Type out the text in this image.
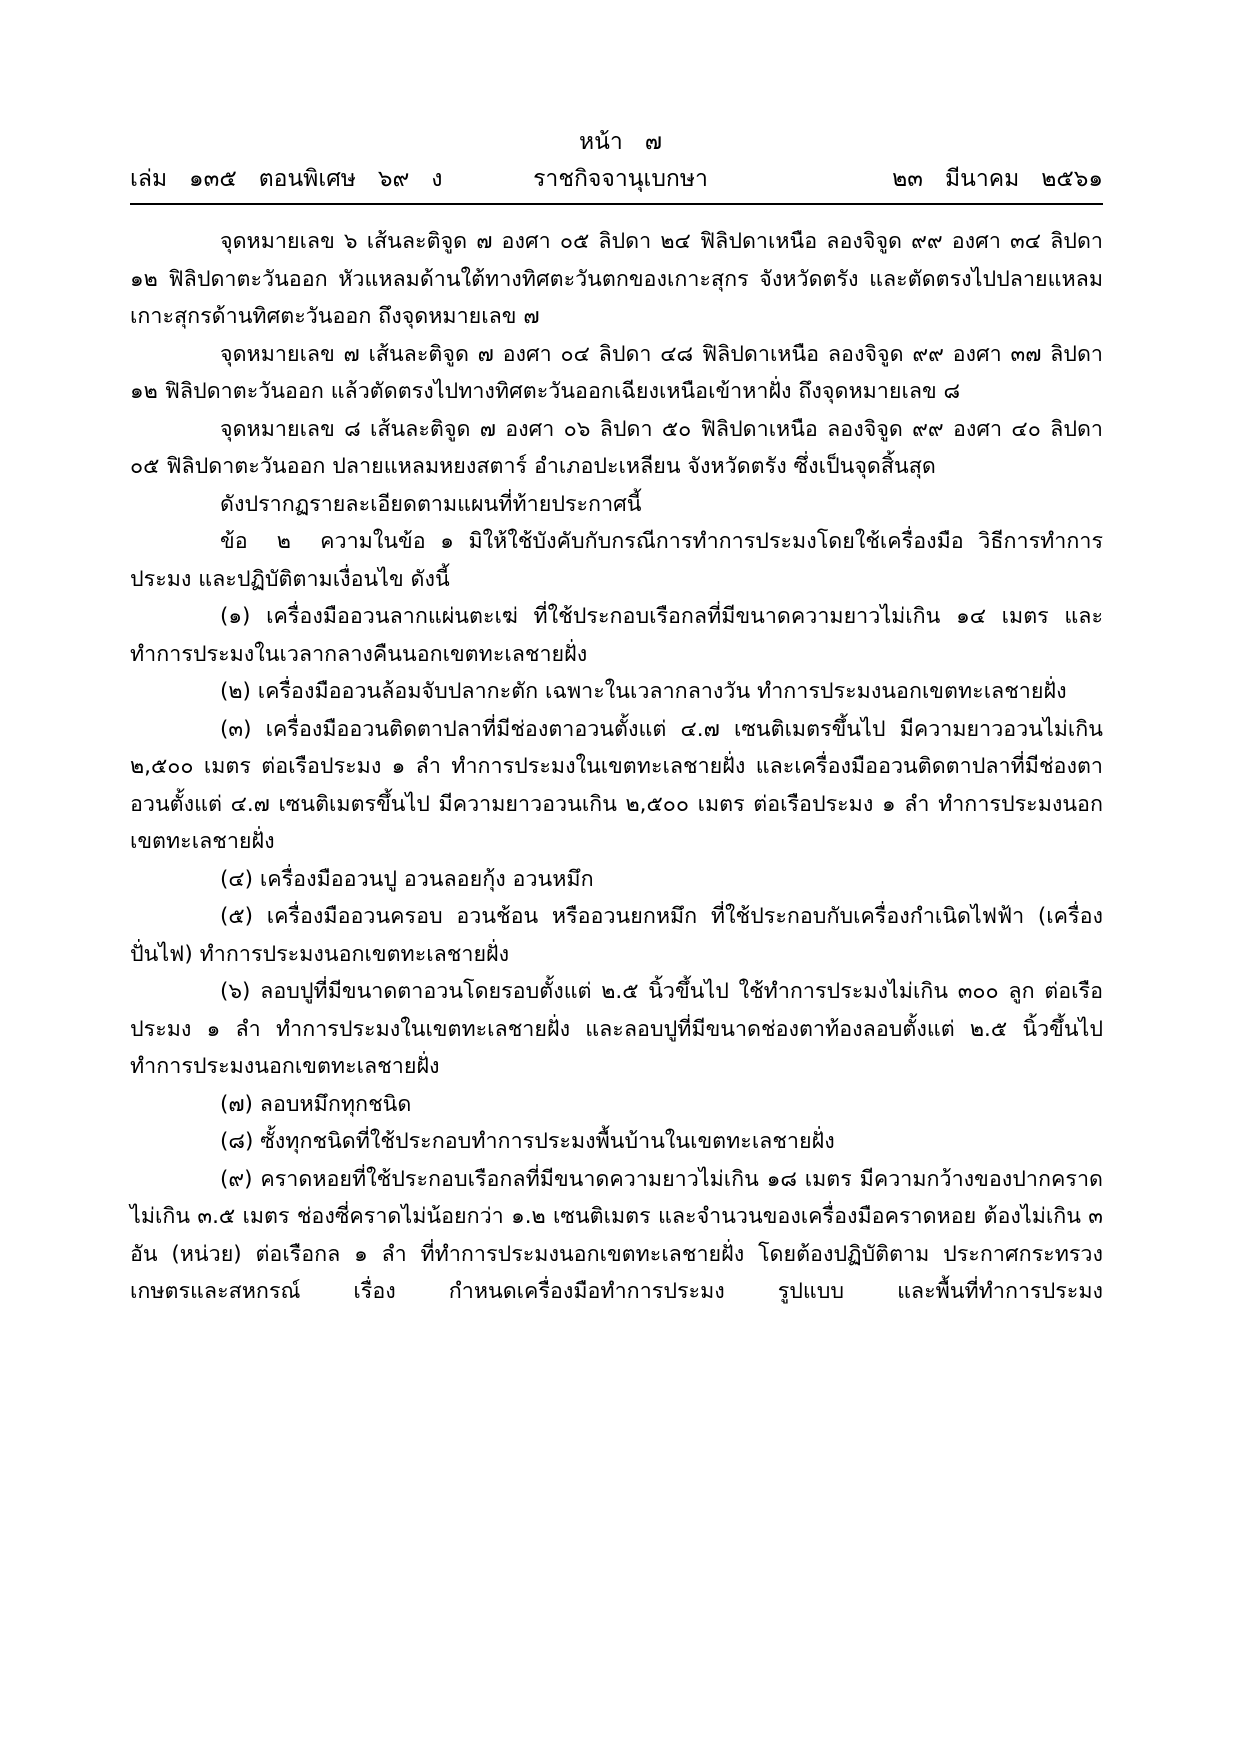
หน้า   ๗
เล่ม   ๑๓๕   ตอนพิเศษ   ๖๙   ง	ราชกิจจานุเบกษา	๒๓   มีนาคม   ๒๕๖๑

จุดหมายเลข ๖ เส้นละติจูด ๗ องศา ๐๕ ลิปดา ๒๔ ฟิลิปดาเหนือ ลองจิจูด ๙๙ องศา ๓๔ ลิปดา ๑๒ ฟิลิปดาตะวันออก หัวแหลมด้านใต้ทางทิศตะวันตกของเกาะสุกร จังหวัดตรัง และตัดตรงไปปลายแหลมเกาะสุกรด้านทิศตะวันออก ถึงจุดหมายเลข ๗

จุดหมายเลข ๗ เส้นละติจูด ๗ องศา ๐๔ ลิปดา ๔๘ ฟิลิปดาเหนือ ลองจิจูด ๙๙ องศา ๓๗ ลิปดา ๑๒ ฟิลิปดาตะวันออก แล้วตัดตรงไปทางทิศตะวันออกเฉียงเหนือเข้าหาฝั่ง ถึงจุดหมายเลข ๘

จุดหมายเลข ๘ เส้นละติจูด ๗ องศา ๐๖ ลิปดา ๕๐ ฟิลิปดาเหนือ ลองจิจูด ๙๙ องศา ๔๐ ลิปดา ๐๕ ฟิลิปดาตะวันออก ปลายแหลมหยงสตาร์ อำเภอปะเหลียน จังหวัดตรัง ซึ่งเป็นจุดสิ้นสุด

ดังปรากฏรายละเอียดตามแผนที่ท้ายประกาศนี้

ข้อ  ๒  ความในข้อ ๑ มิให้ใช้บังคับกับกรณีการทำการประมงโดยใช้เครื่องมือ วิธีการทำการประมง และปฏิบัติตามเงื่อนไข ดังนี้

(๑) เครื่องมืออวนลากแผ่นตะเฆ่ ที่ใช้ประกอบเรือกลที่มีขนาดความยาวไม่เกิน ๑๔ เมตร และทำการประมงในเวลากลางคืนนอกเขตทะเลชายฝั่ง

(๒) เครื่องมืออวนล้อมจับปลากะตัก เฉพาะในเวลากลางวัน ทำการประมงนอกเขตทะเลชายฝั่ง

(๓) เครื่องมืออวนติดตาปลาที่มีช่องตาอวนตั้งแต่ ๔.๗ เซนติเมตรขึ้นไป มีความยาวอวนไม่เกิน ๒,๕๐๐ เมตร ต่อเรือประมง ๑ ลำ ทำการประมงในเขตทะเลชายฝั่ง และเครื่องมืออวนติดตาปลาที่มีช่องตาอวนตั้งแต่ ๔.๗ เซนติเมตรขึ้นไป มีความยาวอวนเกิน ๒,๕๐๐ เมตร ต่อเรือประมง ๑ ลำ ทำการประมงนอกเขตทะเลชายฝั่ง

(๔) เครื่องมืออวนปู อวนลอยกุ้ง อวนหมึก

(๕) เครื่องมืออวนครอบ อวนช้อน หรืออวนยกหมึก ที่ใช้ประกอบกับเครื่องกำเนิดไฟฟ้า (เครื่องปั่นไฟ) ทำการประมงนอกเขตทะเลชายฝั่ง

(๖) ลอบปูที่มีขนาดตาอวนโดยรอบตั้งแต่ ๒.๕ นิ้วขึ้นไป ใช้ทำการประมงไม่เกิน ๓๐๐ ลูก ต่อเรือประมง ๑ ลำ ทำการประมงในเขตทะเลชายฝั่ง และลอบปูที่มีขนาดช่องตาท้องลอบตั้งแต่ ๒.๕ นิ้วขึ้นไป ทำการประมงนอกเขตทะเลชายฝั่ง

(๗) ลอบหมึกทุกชนิด

(๘) ซั้งทุกชนิดที่ใช้ประกอบทำการประมงพื้นบ้านในเขตทะเลชายฝั่ง

(๙) คราดหอยที่ใช้ประกอบเรือกลที่มีขนาดความยาวไม่เกิน ๑๘ เมตร มีความกว้างของปากคราด ไม่เกิน ๓.๕ เมตร ช่องซี่คราดไม่น้อยกว่า ๑.๒ เซนติเมตร และจำนวนของเครื่องมือคราดหอย ต้องไม่เกิน ๓ อัน (หน่วย) ต่อเรือกล ๑ ลำ ที่ทำการประมงนอกเขตทะเลชายฝั่ง โดยต้องปฏิบัติตาม ประกาศกระทรวงเกษตรและสหกรณ์ เรื่อง กำหนดเครื่องมือทำการประมง รูปแบบ และพื้นที่ทำการประมง
